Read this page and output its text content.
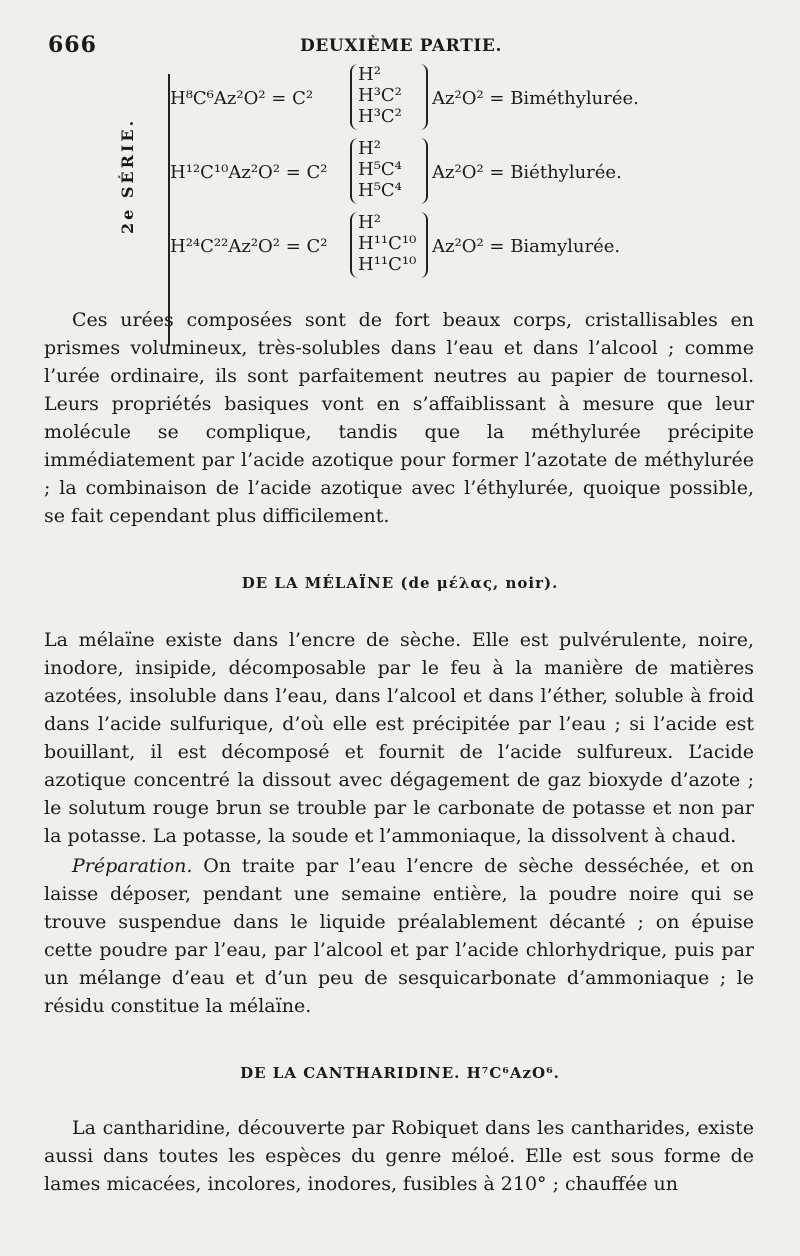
666	DEUXIÈME PARTIE.
2e SÉRIE.
H⁸C⁶Az²O² = C²
H²
H³C²
H³C²
Az²O² = Biméthylurée.
H¹²C¹⁰Az²O² = C²
H²
H⁵C⁴
H⁵C⁴
Az²O² = Biéthylurée.
H²⁴C²²Az²O² = C²
H²
H¹¹C¹⁰
H¹¹C¹⁰
Az²O² = Biamylurée.

Ces urées composées sont de fort beaux corps, cristallisables en prismes volumineux, très-solubles dans l’eau et dans l’alcool ; comme l’urée ordinaire, ils sont parfaitement neutres au papier de tournesol. Leurs propriétés basiques vont en s’affaiblissant à mesure que leur molécule se complique, tandis que la méthylurée précipite immédiatement par l’acide azotique pour former l’azotate de méthylurée ; la combinaison de l’acide azotique avec l’éthylurée, quoique possible, se fait cependant plus difficilement.

DE LA MÉLAÏNE (de μέλας, noir).

La mélaïne existe dans l’encre de sèche. Elle est pulvérulente, noire, inodore, insipide, décomposable par le feu à la manière de matières azotées, insoluble dans l’eau, dans l’alcool et dans l’éther, soluble à froid dans l’acide sulfurique, d’où elle est précipitée par l’eau ; si l’acide est bouillant, il est décomposé et fournit de l’acide sulfureux. L’acide azotique concentré la dissout avec dégagement de gaz bioxyde d’azote ; le solutum rouge brun se trouble par le carbonate de potasse et non par la potasse. La potasse, la soude et l’ammoniaque, la dissolvent à chaud.

Préparation. On traite par l’eau l’encre de sèche desséchée, et on laisse déposer, pendant une semaine entière, la poudre noire qui se trouve suspendue dans le liquide préalablement décanté ; on épuise cette poudre par l’eau, par l’alcool et par l’acide chlorhydrique, puis par un mélange d’eau et d’un peu de sesquicarbonate d’ammoniaque ; le résidu constitue la mélaïne.

DE LA CANTHARIDINE. H⁷C⁶AzO⁶.

La cantharidine, découverte par Robiquet dans les cantharides, existe aussi dans toutes les espèces du genre méloé. Elle est sous forme de lames micacées, incolores, inodores, fusibles à 210° ; chauffée un
